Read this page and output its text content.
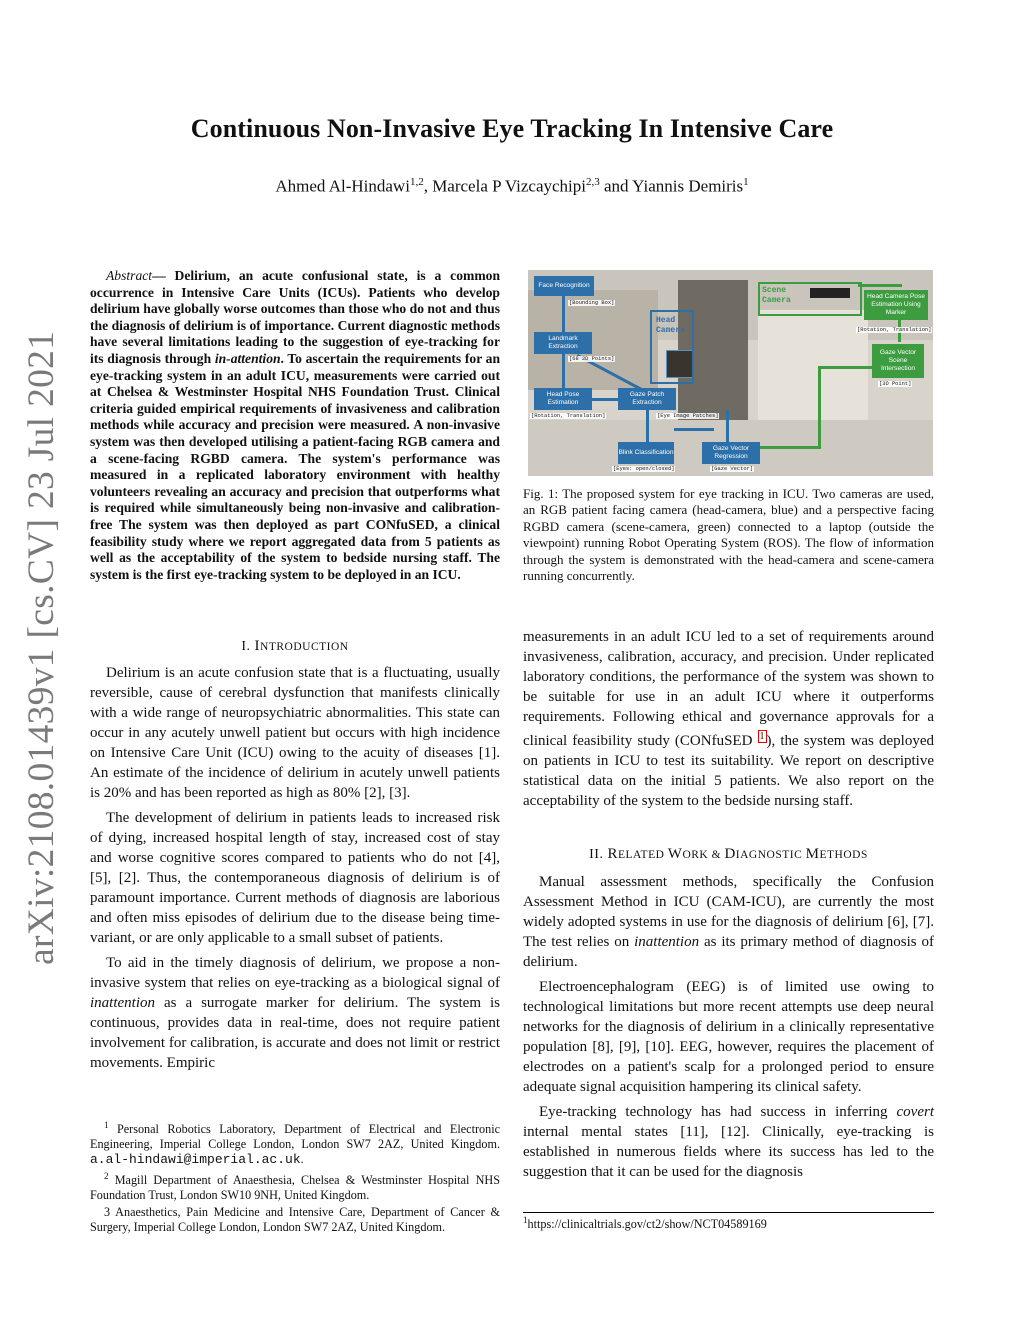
arXiv:2108.01439v1 [cs.CV] 23 Jul 2021
Continuous Non-Invasive Eye Tracking In Intensive Care
Ahmed Al-Hindawi$^{1,2}$, Marcela P Vizcaychipi$^{2,3}$ and Yiannis Demiris$^1$

Abstract— Delirium, an acute confusional state, is a common occurrence in Intensive Care Units (ICUs). Patients who develop delirium have globally worse outcomes than those who do not and thus the diagnosis of delirium is of importance. Current diagnostic methods have several limitations leading to the suggestion of eye-tracking for its diagnosis through in-attention. To ascertain the requirements for an eye-tracking system in an adult ICU, measurements were carried out at Chelsea & Westminster Hospital NHS Foundation Trust. Clinical criteria guided empirical requirements of invasiveness and calibration methods while accuracy and precision were measured. A non-invasive system was then developed utilising a patient-facing RGB camera and a scene-facing RGBD camera. The system's performance was measured in a replicated laboratory environment with healthy volunteers revealing an accuracy and precision that outperforms what is required while simultaneously being non-invasive and calibration-free The system was then deployed as part CONfuSED, a clinical feasibility study where we report aggregated data from 5 patients as well as the acceptability of the system to bedside nursing staff. The system is the first eye-tracking system to be deployed in an ICU.

I. INTRODUCTION

Delirium is an acute confusion state that is a fluctuating, usually reversible, cause of cerebral dysfunction that manifests clinically with a wide range of neuropsychiatric abnormalities. This state can occur in any acutely unwell patient but occurs with high incidence on Intensive Care Unit (ICU) owing to the acuity of diseases [1]. An estimate of the incidence of delirium in acutely unwell patients is 20% and has been reported as high as 80% [2], [3].

The development of delirium in patients leads to increased risk of dying, increased hospital length of stay, increased cost of stay and worse cognitive scores compared to patients who do not [4], [5], [2]. Thus, the contemporaneous diagnosis of delirium is of paramount importance. Current methods of diagnosis are laborious and often miss episodes of delirium due to the disease being time-variant, or are only applicable to a small subset of patients.

To aid in the timely diagnosis of delirium, we propose a non-invasive system that relies on eye-tracking as a biological signal of inattention as a surrogate marker for delirium. The system is continuous, provides data in real-time, does not require patient involvement for calibration, is accurate and does not limit or restrict movements. Empiric

$^1$ Personal Robotics Laboratory, Department of Electrical and Electronic Engineering, Imperial College London, London SW7 2AZ, United Kingdom. a.al-hindawi@imperial.ac.uk.

$^2$ Magill Department of Anaesthesia, Chelsea & Westminster Hospital NHS Foundation Trust, London SW10 9NH, United Kingdom.

3 Anaesthetics, Pain Medicine and Intensive Care, Department of Cancer & Surgery, Imperial College London, London SW7 2AZ, United Kingdom.

Face Recognition
Landmark Extraction
Head Pose Estimation
Gaze Patch Extraction
Blink Classification
Gaze Vector Regression
Head Camera Pose Estimation Using Marker
Gaze Vector Scene Intersection
[Bounding Box]
[68 2D Points]
[Rotation, Translation]	[Eye Image Patches]
[Eyes: open/closed]	[Gaze Vector]
[Rotation, Translation]
[3D Point]
Head
Camera
Scene
Camera
Fig. 1: The proposed system for eye tracking in ICU. Two cameras are used, an RGB patient facing camera (head-camera, blue) and a perspective facing RGBD camera (scene-camera, green) connected to a laptop (outside the viewpoint) running Robot Operating System (ROS). The flow of information through the system is demonstrated with the head-camera and scene-camera running concurrently.

measurements in an adult ICU led to a set of requirements around invasiveness, calibration, accuracy, and precision. Under replicated laboratory conditions, the performance of the system was shown to be suitable for use in an adult ICU where it outperforms requirements. Following ethical and governance approvals for a clinical feasibility study (CONfuSED $^1$ ), the system was deployed on patients in ICU to test its suitability. We report on descriptive statistical data on the initial 5 patients. We also report on the acceptability of the system to the bedside nursing staff.

II. RELATED WORK & DIAGNOSTIC METHODS

Manual assessment methods, specifically the Confusion Assessment Method in ICU (CAM-ICU), are currently the most widely adopted systems in use for the diagnosis of delirium [6], [7]. The test relies on inattention as its primary method of diagnosis of delirium.

Electroencephalogram (EEG) is of limited use owing to technological limitations but more recent attempts use deep neural networks for the diagnosis of delirium in a clinically representative population [8], [9], [10]. EEG, however, requires the placement of electrodes on a patient's scalp for a prolonged period to ensure adequate signal acquisition hampering its clinical safety.

Eye-tracking technology has had success in inferring covert internal mental states [11], [12]. Clinically, eye-tracking is established in numerous fields where its success has led to the suggestion that it can be used for the diagnosis

$^1$https://clinicaltrials.gov/ct2/show/NCT04589169
